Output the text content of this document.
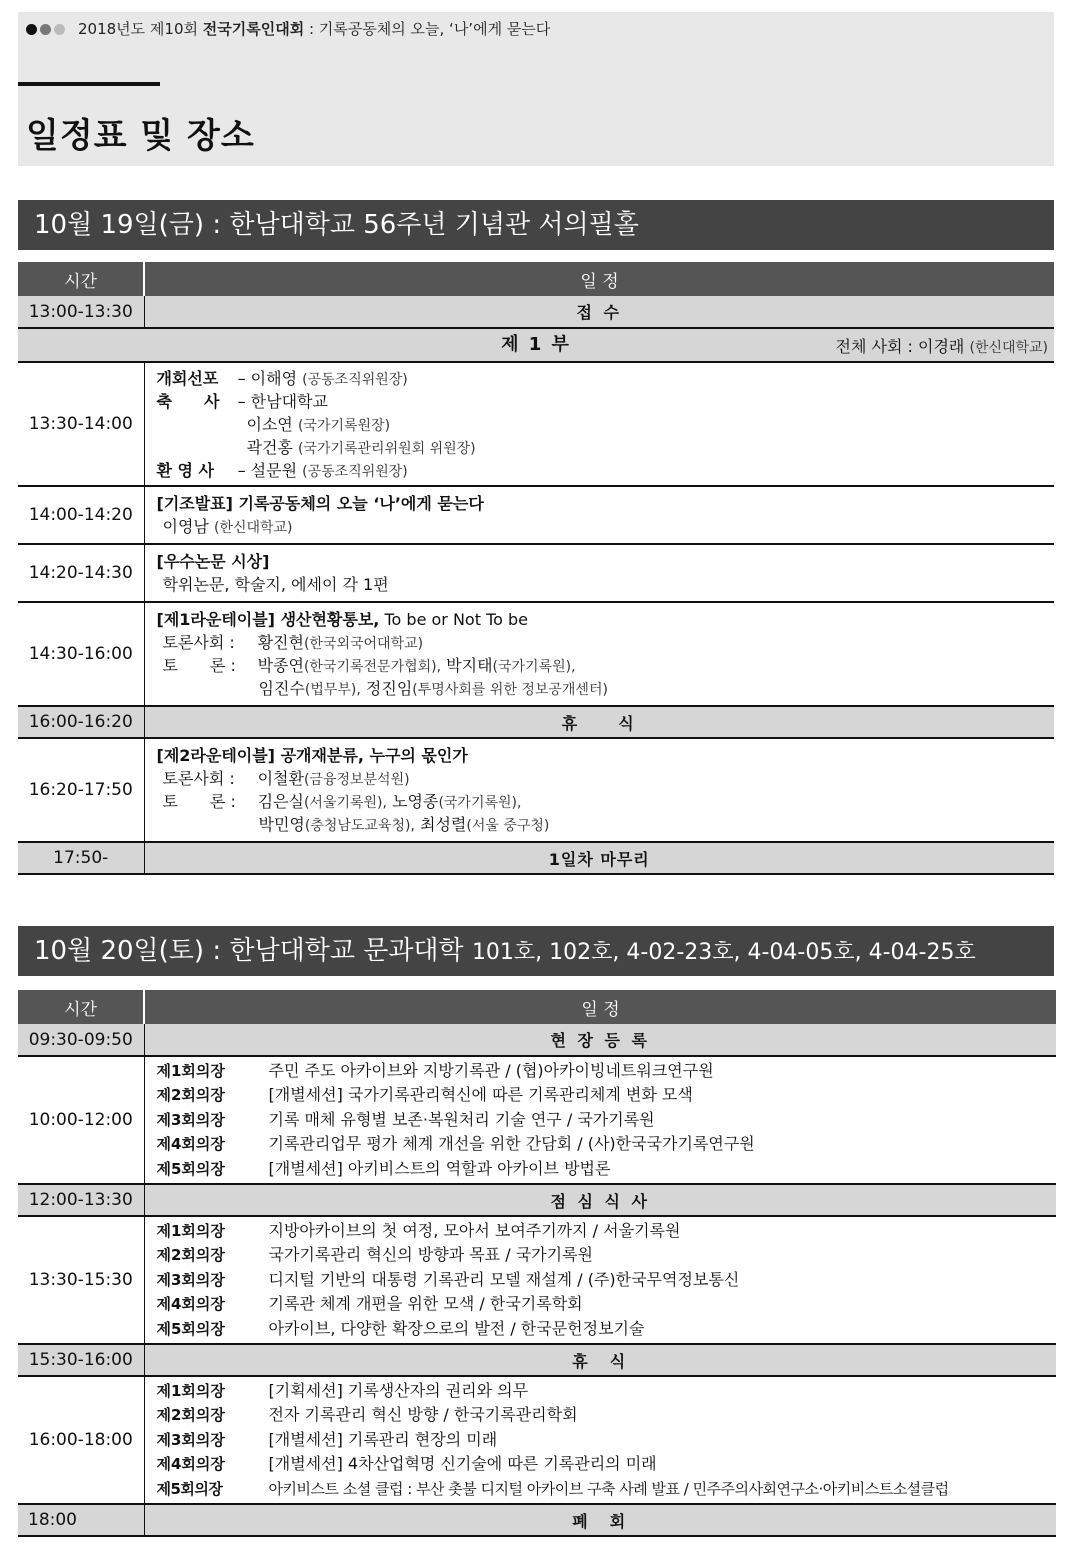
2018년도 제10회 전국기록인대회 : 기록공동체의 오늘, ‘나’에게 묻는다
일정표 및 장소
10월 19일(금) : 한남대학교 56주년 기념관 서의필홀
시간	일 정
13:00-13:30	접 수

제 1 부 전체 사회 : 이경래 (한신대학교)	

13:30-14:00	개회선포 – 이해영 (공동조직위원장)
축　　사 – 한남대학교
이소연 (국가기록원장)
곽건홍 (국가기록관리위원회 위원장)
환 영 사 – 설문원 (공동조직위원장)

14:00-14:20	[기조발표] 기록공동체의 오늘 ‘나’에게 묻는다
이영남 (한신대학교)

14:20-14:30	[우수논문 시상]
학위논문, 학술지, 에세이 각 1편

14:30-16:00	[제1라운테이블] 생산현황통보, To be or Not To be
토론사회 : 황진현(한국외국어대학교)
토　　론 : 박종연(한국기록전문가협회), 박지태(국가기록원),
임진수(법무부), 정진임(투명사회를 위한 정보공개센터)

16:00-16:20	휴　　식
16:20-17:50	[제2라운테이블] 공개재분류, 누구의 몫인가
토론사회 : 이철환(금융정보분석원)
토　　론 : 김은실(서울기록원), 노영종(국가기록원),
박민영(충청남도교육청), 최성렬(서울 중구청)

17:50-	1일차 마무리
10월 20일(토) : 한남대학교 문과대학 101호, 102호, 4-02-23호, 4-04-05호, 4-04-25호
시간	일 정
09:30-09:50	현 장 등 록
10:00-12:00	제1회의장 주민 주도 아카이브와 지방기록관 / (협)아카이빙네트워크연구원
제2회의장 [개별세션] 국가기록관리혁신에 따른 기록관리체계 변화 모색
제3회의장 기록 매체 유형별 보존·복원처리 기술 연구 / 국가기록원
제4회의장 기록관리업무 평가 체계 개선을 위한 간담회 / (사)한국국가기록연구원
제5회의장 [개별세션] 아키비스트의 역할과 아카이브 방법론

12:00-13:30	점 심 식 사
13:30-15:30	제1회의장 지방아카이브의 첫 여정, 모아서 보여주기까지 / 서울기록원
제2회의장 국가기록관리 혁신의 방향과 목표 / 국가기록원
제3회의장 디지털 기반의 대통령 기록관리 모델 재설계 / (주)한국무역정보통신
제4회의장 기록관 체계 개편을 위한 모색 / 한국기록학회
제5회의장 아카이브, 다양한 확장으로의 발전 / 한국문헌정보기술

15:30-16:00	휴　식
16:00-18:00	제1회의장 [기획세션] 기록생산자의 권리와 의무
제2회의장 전자 기록관리 혁신 방향 / 한국기록관리학회
제3회의장 [개별세션] 기록관리 현장의 미래
제4회의장 [개별세션] 4차산업혁명 신기술에 따른 기록관리의 미래
제5회의장 아키비스트 소셜 클럽 : 부산 촛불 디지털 아카이브 구축 사례 발표 / 민주주의사회연구소·아키비스트소셜클럽

18:00	폐　회
